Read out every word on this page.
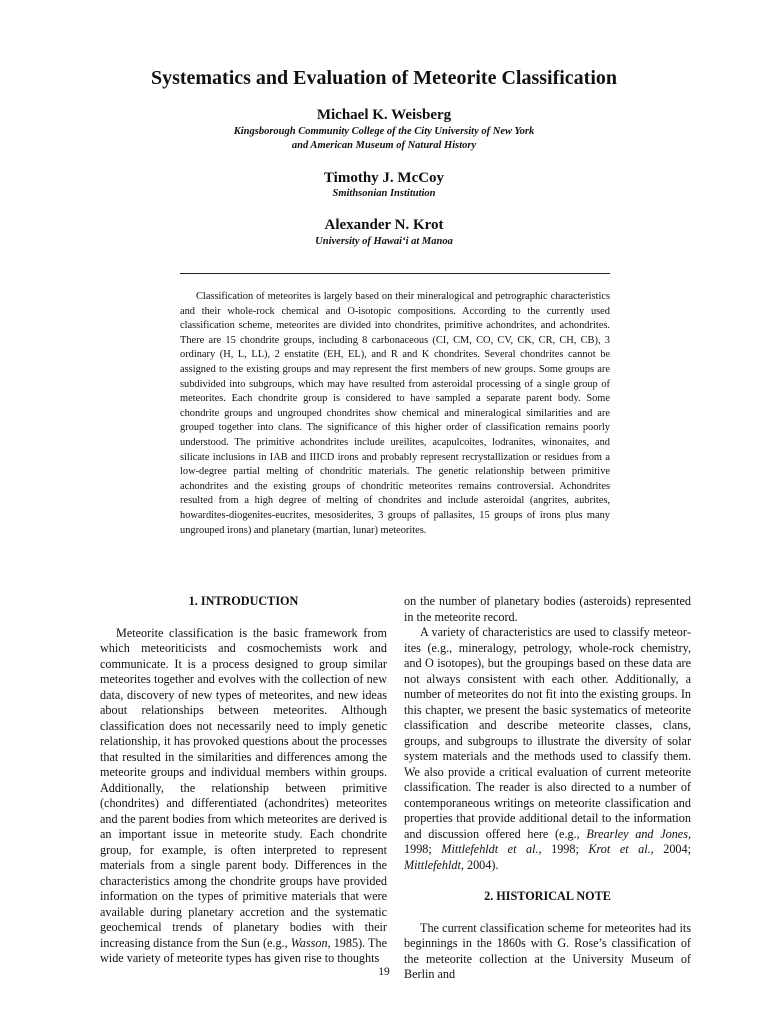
Systematics and Evaluation of Meteorite Classification
Michael K. Weisberg
Kingsborough Community College of the City University of New York
and American Museum of Natural History
Timothy J. McCoy
Smithsonian Institution
Alexander N. Krot
University of Hawai‘i at Manoa

Classification of meteorites is largely based on their mineralogical and petrographic characteristics and their whole-rock chemical and O-isotopic compositions. According to the currently used classification scheme, meteorites are divided into chondrites, primitive achondrites, and achondrites. There are 15 chondrite groups, including 8 carbonaceous (CI, CM, CO, CV, CK, CR, CH, CB), 3 ordinary (H, L, LL), 2 enstatite (EH, EL), and R and K chondrites. Several chondrites cannot be assigned to the existing groups and may represent the first members of new groups. Some groups are subdivided into subgroups, which may have resulted from asteroidal processing of a single group of meteorites. Each chondrite group is considered to have sampled a separate parent body. Some chondrite groups and ungrouped chondrites show chemical and mineralogical similarities and are grouped together into clans. The significance of this higher order of classification remains poorly understood. The primitive achondrites include ureilites, acapulcoites, lodranites, winonaites, and silicate inclusions in IAB and IIICD irons and probably represent recrystallization or residues from a low-degree partial melting of chondritic materials. The genetic relationship between primitive achondrites and the existing groups of chondritic meteorites remains controversial. Achondrites resulted from a high degree of melting of chondrites and include asteroidal (angrites, aubrites, howardites-diogenites-eucrites, mesosiderites, 3 groups of pallasites, 15 groups of irons plus many ungrouped irons) and planetary (martian, lunar) meteorites.

1. INTRODUCTION

Meteorite classification is the basic framework from which meteoriticists and cosmochemists work and communicate. It is a process designed to group similar meteorites together and evolves with the collection of new data, discovery of new types of meteorites, and new ideas about relationships between meteorites. Although classification does not necessarily need to imply genetic relationship, it has provoked questions about the processes that resulted in the similarities and differences among the meteorite groups and individual members within groups. Additionally, the relationship between primitive (chondrites) and differentiated (achondrites) meteorites and the parent bodies from which meteorites are derived is an important issue in meteorite study. Each chondrite group, for example, is often interpreted to represent materials from a single parent body. Differences in the characteristics among the chondrite groups have provided information on the types of primitive materials that were available during planetary accretion and the systematic geochemical trends of planetary bodies with their increasing distance from the Sun (e.g., Wasson, 1985). The wide variety of meteorite types has given rise to thoughts

on the number of planetary bodies (asteroids) represented in the meteorite record.

A variety of characteristics are used to classify meteorites (e.g., mineralogy, petrology, whole-rock chemistry, and O isotopes), but the groupings based on these data are not always consistent with each other. Additionally, a number of meteorites do not fit into the existing groups. In this chapter, we present the basic systematics of meteorite classification and describe meteorite classes, clans, groups, and subgroups to illustrate the diversity of solar system materials and the methods used to classify them. We also provide a critical evaluation of current meteorite classification. The reader is also directed to a number of contemporaneous writings on meteorite classification and properties that provide additional detail to the information and discussion offered here (e.g., Brearley and Jones, 1998; Mittlefehldt et al., 1998; Krot et al., 2004; Mittlefehldt, 2004).

2. HISTORICAL NOTE

The current classification scheme for meteorites had its beginnings in the 1860s with G. Rose’s classification of the meteorite collection at the University Museum of Berlin and

19
